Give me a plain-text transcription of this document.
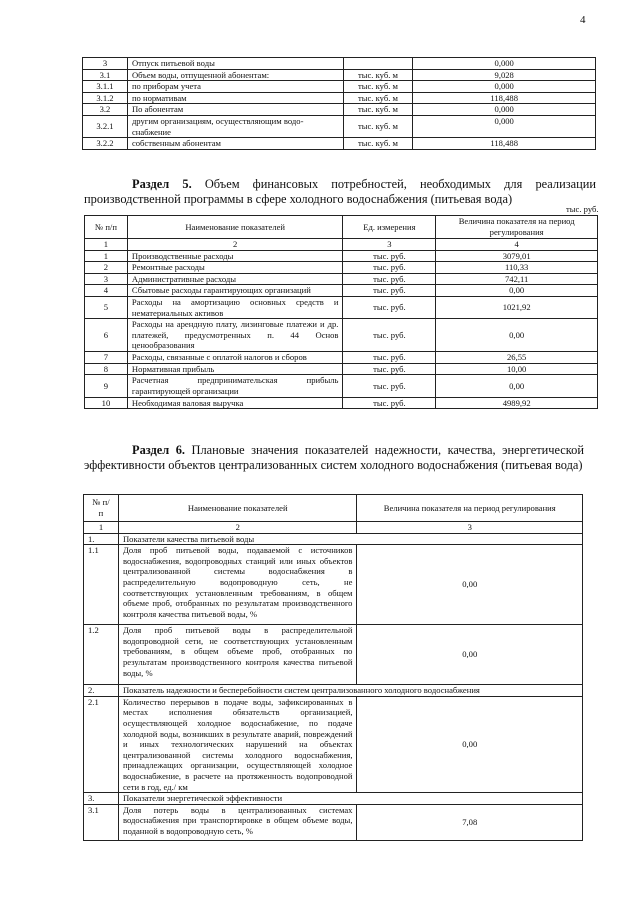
4
3	Отпуск питьевой воды		0,000
3.1	Объем воды, отпущенной абонентам:	тыс. куб. м	9,028
3.1.1	по приборам учета	тыс. куб. м	0,000
3.1.2	по нормативам	тыс. куб. м	118,488
3.2	По абонентам	тыс. куб. м	0,000
3.2.1	другим организациям, осуществляющим водо-снабжение	тыс. куб. м	0,000
3.2.2	собственным абонентам	тыс. куб. м	118,488
Раздел 5. Объем финансовых потребностей, необходимых для реализации производственной программы в сфере холодного водоснабжения (питьевая вода)
тыс. руб.
№ п/п	Наименование показателей	Ед. измерения	Величина показателя на период регулирования
1	2	3	4
1	Производственные расходы	тыс. руб.	3079,01
2	Ремонтные расходы	тыс. руб.	110,33
3	Административные расходы	тыс. руб.	742,11
4	Сбытовые расходы гарантирующих организаций	тыс. руб.	0,00
5	Расходы на амортизацию основных средств и нематериальных активов	тыс. руб.	1021,92
6	Расходы на арендную плату, лизинговые платежи и др. платежей, предусмотренных п. 44 Основ ценообразования	тыс. руб.	0,00
7	Расходы, связанные с оплатой налогов и сборов	тыс. руб.	26,55
8	Нормативная прибыль	тыс. руб.	10,00
9	Расчетная предпринимательская прибыль гарантирующей организации	тыс. руб.	0,00
10	Необходимая валовая выручка	тыс. руб.	4989,92
Раздел 6. Плановые значения показателей надежности, качества, энергетической эффективности объектов централизованных систем холодного водоснабжения (питьевая вода)
№ п/п	Наименование показателей	Величина показателя на период регулирования
1	2	3
1.	Показатели качества питьевой воды	
1.1	Доля проб питьевой воды, подаваемой с источников водоснабжения, водопроводных станций или иных объектов централизованной системы водоснабжения в распределительную водопроводную сеть, не соответствующих установленным требованиям, в общем объеме проб, отобранных по результатам производственного контроля качества питьевой воды, %	0,00
1.2	Доля проб питьевой воды в распределительной водопроводной сети, не соответствующих установленным требованиям, в общем объеме проб, отобранных по результатам производственного контроля качества питьевой воды, %	0,00
2.	Показатель надежности и бесперебойности систем централизованного холодного водоснабжения	
2.1	Количество перерывов в подаче воды, зафиксированных в местах исполнения обязательств организацией, осуществляющей холодное водоснабжение, по подаче холодной воды, возникших в результате аварий, повреждений и иных технологических нарушений на объектах централизованной системы холодного водоснабжения, принадлежащих организации, осуществляющей холодное водоснабжение, в расчете на протяженность водопроводной сети в год, ед./ км	0,00
3.	Показатели энергетической эффективности	
3.1	Доля потерь воды в централизованных системах водоснабжения при транспортировке в общем объеме воды, поданной в водопроводную сеть, %	7,08
